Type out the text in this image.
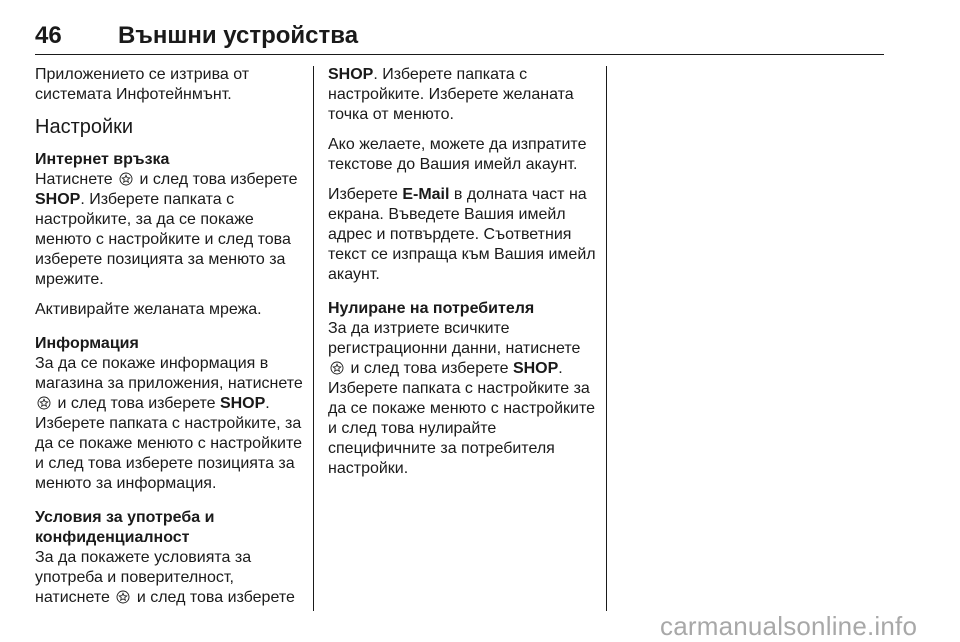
46 Външни устройства

Приложението се изтрива от системата Инфотейнмънт.

Настройки
Интернет връзка

Натиснете и след това изберете SHOP. Изберете папката с настройките, за да се покаже менюто с настройките и след това изберете позицията за менюто за мрежите.

Активирайте желаната мрежа.

Информация

За да се покаже информация в магазина за приложения, натиснете  и след това изберете SHOP. Изберете папката с настройките, за да се покаже менюто с настройките и след това изберете позицията за менюто за информация.

Условия за употреба и конфиденциалност

За да покажете условията за употреба и поверителност, натиснете и след това изберете

SHOP. Изберете папката с настройките. Изберете желаната точка от менюто.

Ако желаете, можете да изпратите текстове до Вашия имейл акаунт.

Изберете E-Mail в долната част на екрана. Въведете Вашия имейл адрес и потвърдете. Съответния текст се изпраща към Вашия имейл акаунт.

Нулиране на потребителя

За да изтриете всичките регистрационни данни, натиснете  и след това изберете SHOP. Изберете папката с настройките за да се покаже менюто с настройките и след това нулирайте специфичните за потребителя настройки.

carmanualsonline.info
